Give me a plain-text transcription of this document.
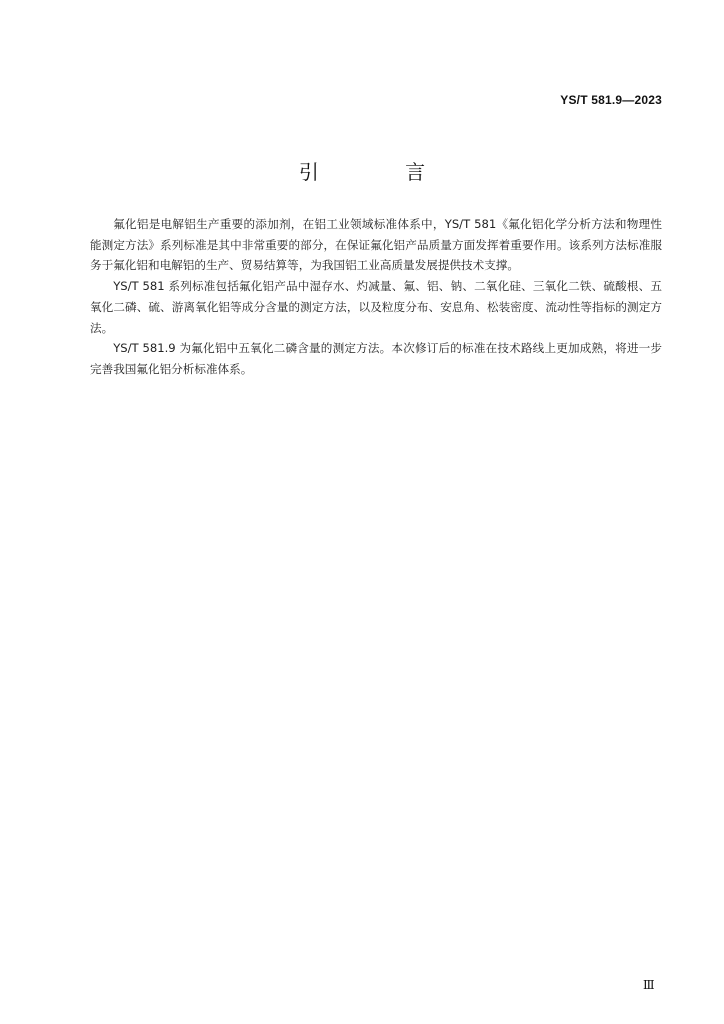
YS/T 581.9—2023
引 言

氟化铝是电解铝生产重要的添加剂，在铝工业领域标准体系中，YS/T 581《氟化铝化学分析方法和物理性能测定方法》系列标准是其中非常重要的部分，在保证氟化铝产品质量方面发挥着重要作用。该系列方法标准服务于氟化铝和电解铝的生产、贸易结算等，为我国铝工业高质量发展提供技术支撑。

YS/T 581 系列标准包括氟化铝产品中湿存水、灼减量、氟、铝、钠、二氧化硅、三氧化二铁、硫酸根、五氧化二磷、硫、游离氧化铝等成分含量的测定方法，以及粒度分布、安息角、松装密度、流动性等指标的测定方法。

YS/T 581.9 为氟化铝中五氧化二磷含量的测定方法。本次修订后的标准在技术路线上更加成熟，将进一步完善我国氟化铝分析标准体系。

Ⅲ
